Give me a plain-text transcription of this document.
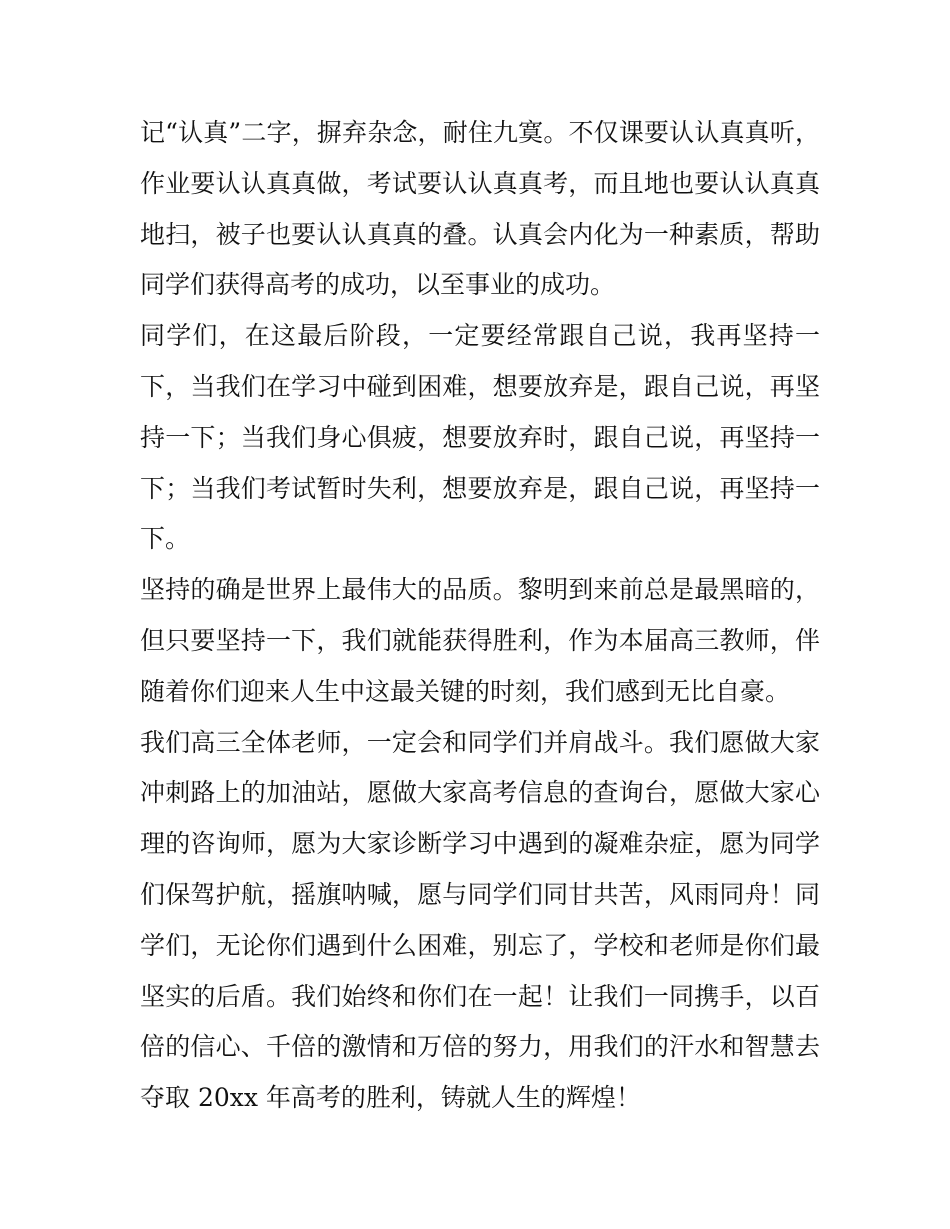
记“认真”二字，摒弃杂念，耐住九寞。不仅课要认认真真听，
作业要认认真真做，考试要认认真真考，而且地也要认认真真
地扫，被子也要认认真真的叠。认真会内化为一种素质，帮助
同学们获得高考的成功，以至事业的成功。
同学们，在这最后阶段，一定要经常跟自己说，我再坚持一
下，当我们在学习中碰到困难，想要放弃是，跟自己说，再坚
持一下；当我们身心俱疲，想要放弃时，跟自己说，再坚持一
下；当我们考试暂时失利，想要放弃是，跟自己说，再坚持一
下。
坚持的确是世界上最伟大的品质。黎明到来前总是最黑暗的，
但只要坚持一下，我们就能获得胜利，作为本届高三教师，伴
随着你们迎来人生中这最关键的时刻，我们感到无比自豪。
我们高三全体老师，一定会和同学们并肩战斗。我们愿做大家
冲刺路上的加油站，愿做大家高考信息的查询台，愿做大家心
理的咨询师，愿为大家诊断学习中遇到的凝难杂症，愿为同学
们保驾护航，摇旗呐喊，愿与同学们同甘共苦，风雨同舟！同
学们，无论你们遇到什么困难，别忘了，学校和老师是你们最
坚实的后盾。我们始终和你们在一起！让我们一同携手，以百
倍的信心、千倍的激情和万倍的努力，用我们的汗水和智慧去
夺取 20xx 年高考的胜利，铸就人生的辉煌！
